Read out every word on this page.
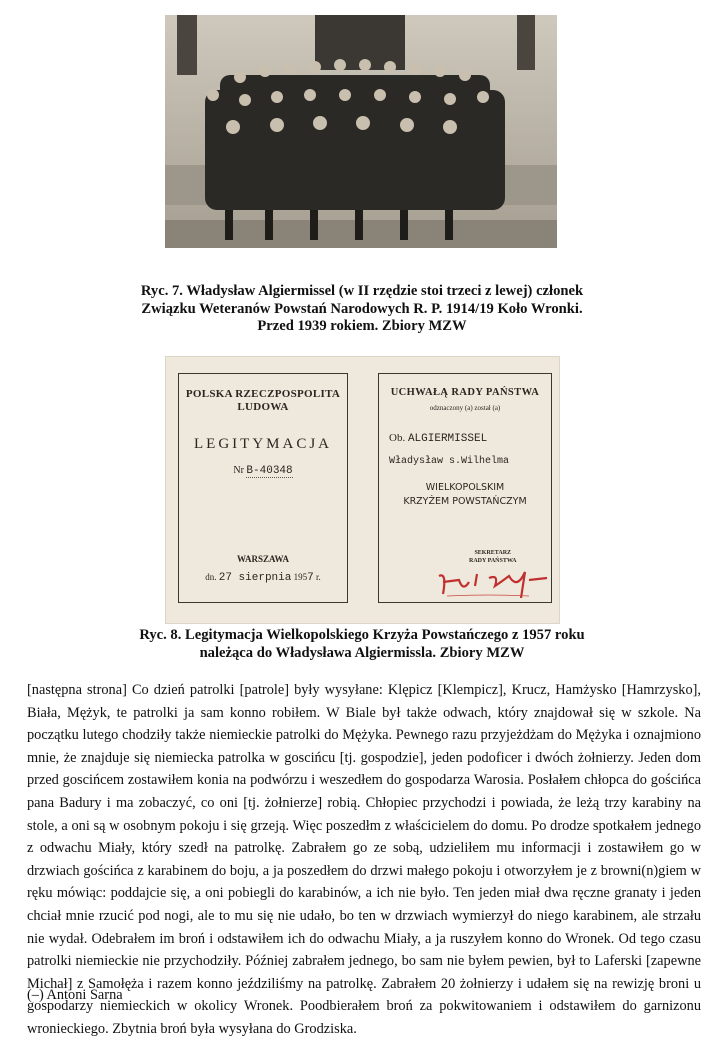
Ryc. 7. Władysław Algiermissel (w II rzędzie stoi trzeci z lewej) członek
Związku Weteranów Powstań Narodowych R. P. 1914/19 Koło Wronki.
Przed 1939 rokiem. Zbiory MZW
POLSKA RZECZPOSPOLITA
LUDOWA
LEGITYMACJA
Nr B-40348
WARSZAWA
dn. 27 sierpnia 1957 r.
UCHWAŁĄ RADY PAŃSTWA
odznaczony (a) został (a)
Ob. ALGIERMISSEL
Władysław s.Wilhelma
WIELKOPOLSKIM
KRZYŻEM POWSTAŃCZYM
SEKRETARZ
RADY PAŃSTWA
Ryc. 8. Legitymacja Wielkopolskiego Krzyża Powstańczego z 1957 roku
należąca do Władysława Algiermissla. Zbiory MZW
[następna strona] Co dzień patrolki [patrole] były wysyłane: Klępicz [Klempicz], Krucz, Hamżysko [Hamrzysko], Biała, Mężyk, te patrolki ja sam konno robiłem. W Biale był także odwach, który znajdował się w szkole. Na początku lutego chodziły także niemieckie patrolki do Mężyka. Pewnego razu przyjeżdżam do Mężyka i oznajmiono mnie, że znajduje się niemiecka patrolka w goscińcu [tj. gospodzie], jeden podoficer i dwóch żołnierzy. Jeden dom przed goscińcem zostawiłem konia na podwórzu i weszedłem do gospodarza Warosia. Posłałem chłopca do gościńca pana Badury i ma zobaczyć, co oni [tj. żołnierze] robią. Chłopiec przychodzi i powiada, że leżą trzy karabiny na stole, a oni są w osobnym pokoju i się grzeją. Więc poszedłm z właścicielem do domu. Po drodze spotkałem jednego z odwachu Miały, który szedł na patrolkę. Zabrałem go ze sobą, udzieliłem mu informacji i zostawiłem go w drzwiach gościńca z karabinem do boju, a ja poszedłem do drzwi małego pokoju i otworzyłem je z browni(n)giem w ręku mówiąc: poddajcie się, a oni pobiegli do karabinów, a ich nie było. Ten jeden miał dwa ręczne granaty i jeden chciał mnie rzucić pod nogi, ale to mu się nie udało, bo ten w drzwiach wymierzył do niego karabinem, ale strzału nie wydał. Odebrałem im broń i odstawiłem ich do odwachu Miały, a ja ruszyłem konno do Wronek. Od tego czasu patrolki niemieckie nie przychodziły. Później zabrałem jednego, bo sam nie byłem pewien, był to Laferski [zapewne Michał] z Samołęża i razem konno jeździliśmy na patrolkę. Zabrałem 20 żołnierzy i udałem się na rewizję broni u gospodarzy niemieckich w okolicy Wronek. Poodbierałem broń za pokwitowaniem i odstawiłem do garnizonu wronieckiego. Zbytnia broń była wysyłana do Grodziska.
(–) Antoni Sarna
